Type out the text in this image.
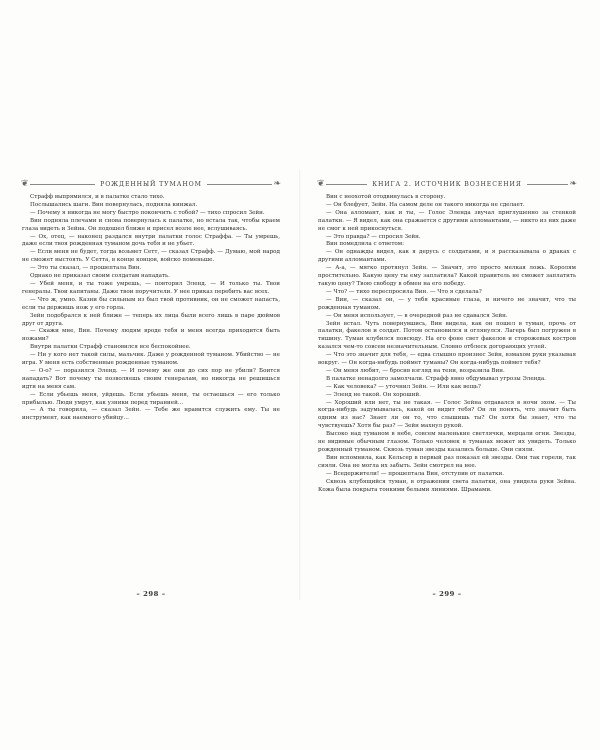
❦	РОЖДЕННЫЙ ТУМАНОМ	❧

Страфф выпрямился, и в палатке стало тихо.

Послышались шаги. Вин повернулась, подняла кинжал.

— Почему я никогда не могу быстро покончить с тобой? — тихо спросил Зейн.

Вин подняла плечами и снова повернулась к палатке, но встала так, чтобы краем глаза видеть и Зейна. Он подошел ближе и присел возле нее, вслушиваясь.

— Ох, отец, — наконец раздался внутри палатки голос Страффа. — Ты умрешь, даже если твоя рожденная туманом дочь тебя и не убьет.

— Если меня не будет, тогда возьмет Сетт, — сказал Страфф. — Думаю, мой народ не сможет выстоять. У Сетта, в конце концов, войско поменьше.

— Это ты сказал, — прошептала Вин.

Однако не приказал своим солдатам нападать.

— Убей меня, и ты тоже умрешь, — повторил Эленд. — И только ты. Твои генералы. Твои капитаны. Даже твои поручители. У нее приказ перебить вас всех.

— Что ж, умно. Казни бы сильным из был твой противник, он не сможет напасть, если ты держишь нож у его горла.

Зейн подобрался к ней ближе — теперь их лица были всего лишь в паре дюймов друг от друга.

— Скажи мне, Вин. Почему людям вроде тебя и меня всегда приходится быть ножами?

Внутри палатки Страфф становился все беспокойнее.

— Ни у кого нет такой силы, мальчик. Даже у рожденной туманом. Убийство — не игра. У меня есть собственные рожденные туманом.

— О-о? — поразился Эленд. — И почему же они до сих пор не убили? Боится нападать? Вот почему ты позволяешь своим генералам, но никогда не решишься идти на меня сам.

— Если убьешь меня, уйдешь. Если убьешь меня, ты остаешься — его только прибылью. Люди умрут, как узники перед тиранией...

— А ты говорила, — сказал Зейн. — Тебе же нравится служить ему. Ты не инструмент, как наемного убийцу...

– 298 –
❦	КНИГА 2. ИСТОЧНИК ВОЗНЕСЕНИЯ	❧

Вин с неохотой отодвинулась в сторону.

— Он блефует, Зейн. На самом деле он такого никогда не сделает.

— Она алломант, как и ты, — Голос Эленда звучал приглушенно за стенкой палатки. — Я видел, как она сражается с другими алломантами, — никто из них даже не смог к ней прикоснуться.

— Это правда? — спросил Зейн.

Вин помедлила с ответом:

— Он однажды видел, как я дерусь с солдатами, и я рассказывала о драках с другими алломантами.

— А-а, — мягко протянул Зейн. — Значит, это просто мелкая ложь. Королям простительно. Какую цену ты ему заплатила? Какой правитель не сможет заплатить такую цену? Твою свободу в обмен на его победу.

— Что? — тихо переспросила Вин. — Что я сделала?

— Вин, — сказал он, — у тебя красивые глаза, и ничего не значит, что ты рожденная туманом.

— Он меня использует, — в очередной раз не сдавался Зейн.

Зейн встал. Чуть повернувшись, Вин видела, как он пошел в туман, прочь от палатки, факелов и солдат. Потом остановился и оглянулся. Лагерь был погружен в тишину. Туман клубился повсюду. На его фоне свет факелов и сторожевых костров казался чем-то совсем незначительным. Словно отблеск догорающих углей.

— Что это значит для тебя, — едва слышно произнес Зейн, взмахом руки указывая вокруг. — Он когда-нибудь поймет туманы? Он когда-нибудь поймет тебя?

— Он меня любит, — бросив взгляд на тени, возразила Вин.

В палатке ненадолго замолчали. Страфф явно обдумывал угрозы Эленда.

— Как человека? — уточнил Зейн. — Или как вещь?

— Эленд не такой. Он хороший.

— Хороший или нет, ты не такая. — Голос Зейна отдавался в ночи эхом. — Ты когда-нибудь задумывалась, какой он видит тебя? Он ли понять, что значит быть одним из нас? Знает ли он то, что слышишь ты? Он хотя бы знает, что ты чувствуешь? Хотя бы раз? — Зейн махнул рукой.

Высоко над туманом в небе, совсем маленькие светлячки, мерцали огни. Звезды, не видимые обычным глазом. Только человек в туманах может их увидеть. Только рожденный туманом. Сквозь туман звезды казались больше. Они сияли.

Вин вспомнила, как Кельсер в первый раз показал ей звезды. Они так горели, так сияли. Она не могла их забыть. Зейн смотрел на нее.

— Вседержители! — прошептала Вин, отступив от палатки.

Сквозь клубящийся туман, в отражении света палатки, она увидела руки Зейна. Кожа была покрыта тонкими белыми линиями. Шрамами.

– 299 –
